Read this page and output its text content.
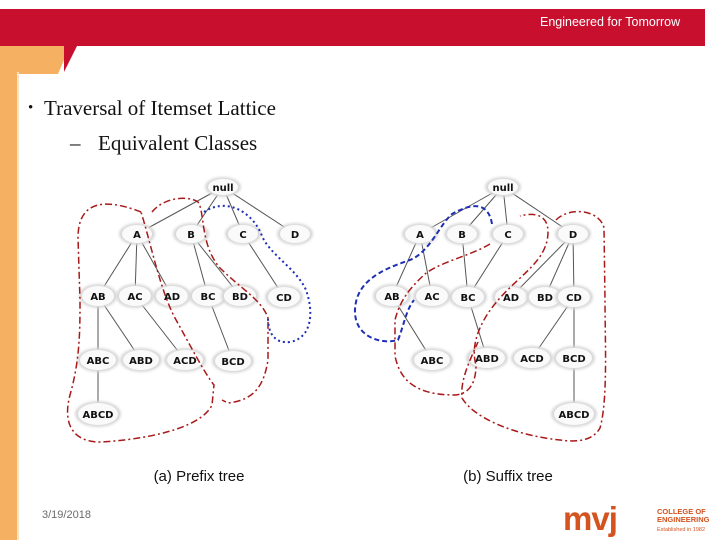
Engineered for Tomorrow
• Traversal of Itemset Lattice
– Equivalent Classes
null
A	B	C	D
AB AC AD BC BD	CD
ABC ABD ACD BCD
ABCD
(a) Prefix tree
null
A	B	C	D
AB AC BC	AD BD CD
ABC	ABD ACD BCD
ABCD
(b) Suffix tree
3/19/2018	mvj	COLLEGE OF
ENGINEERING
Established in 1982
